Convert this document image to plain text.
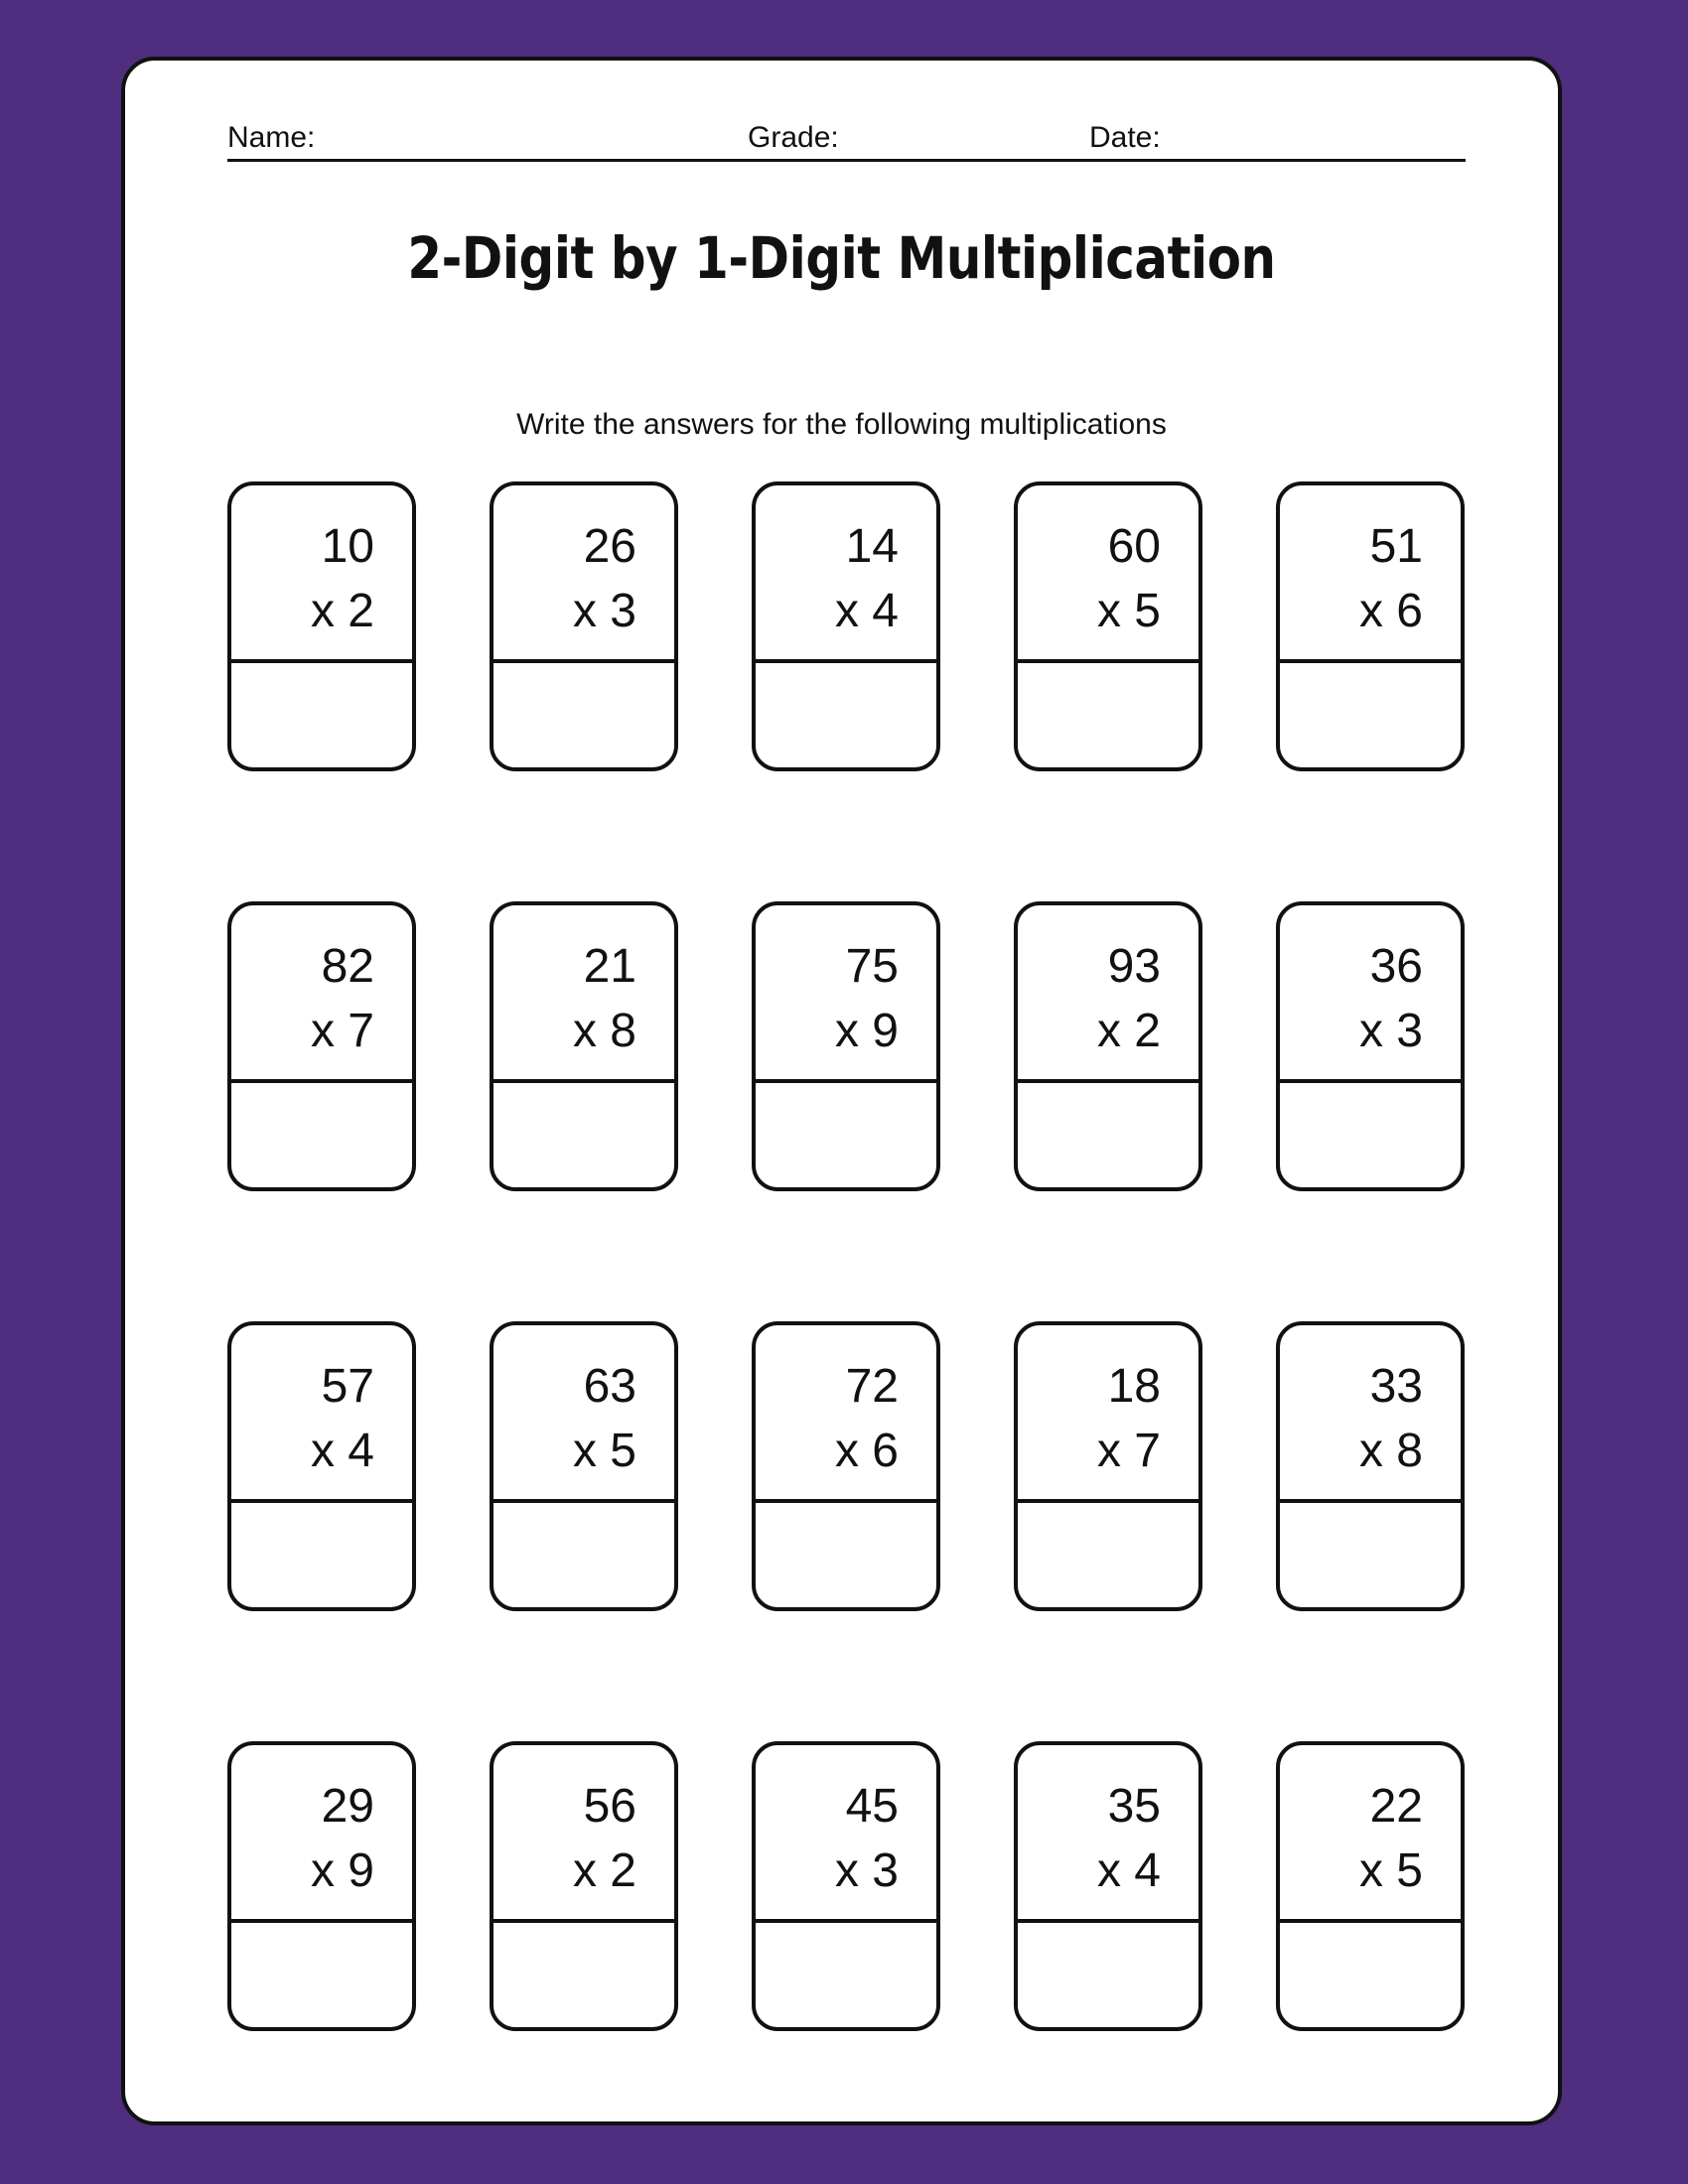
Name:	Grade:	Date:
2-Digit by 1-Digit Multiplication
Write the answers for the following multiplications
10
x 2
26
x 3
14
x 4
60
x 5
51
x 6
82
x 7
21
x 8
75
x 9
93
x 2
36
x 3
57
x 4
63
x 5
72
x 6
18
x 7
33
x 8
29
x 9
56
x 2
45
x 3
35
x 4
22
x 5
